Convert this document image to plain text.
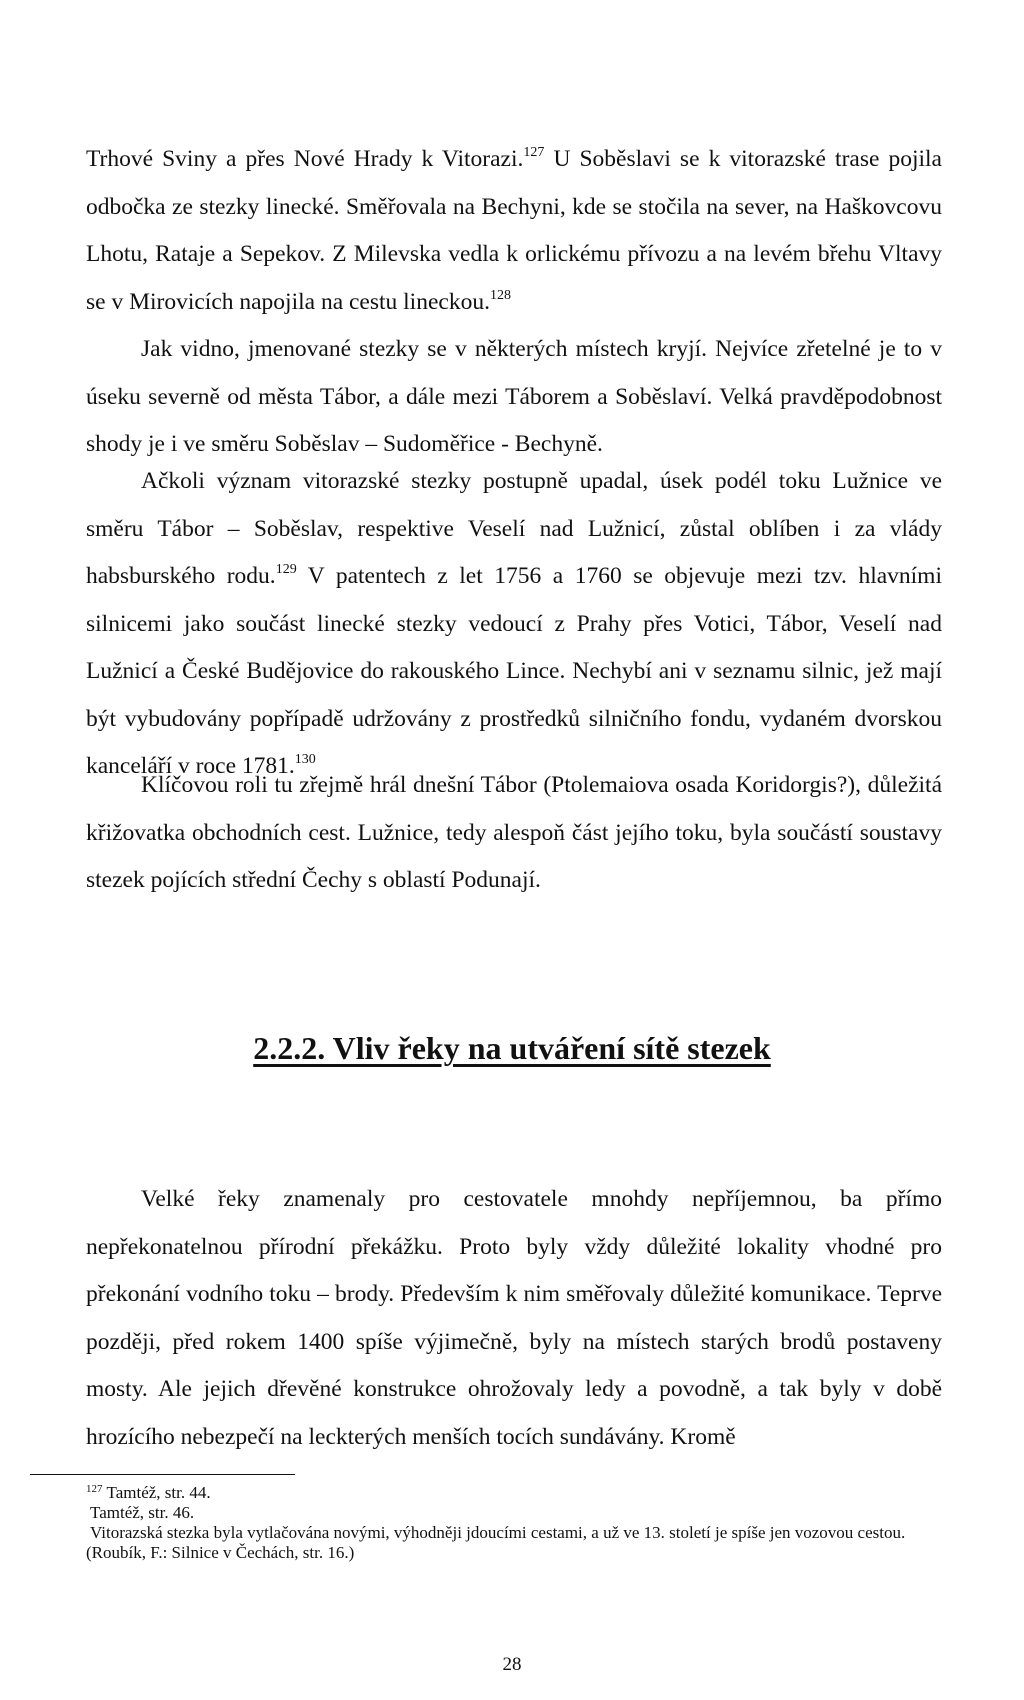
Trhové Sviny a přes Nové Hrady k Vitorazi.$^{127}$ U Soběslavi se k vitorazské trase pojila odbočka ze stezky linecké. Směřovala na Bechyni, kde se stočila na sever, na Haškovcovu Lhotu, Rataje a Sepekov. Z Milevska vedla k orlickému přívozu a na levém břehu Vltavy se v Mirovicích napojila na cestu lineckou.$^{128}$

Jak vidno, jmenované stezky se v některých místech kryjí. Nejvíce zřetelné je to v úseku severně od města Tábor, a dále mezi Táborem a Soběslaví. Velká pravděpodobnost shody je i ve směru Soběslav – Sudoměřice - Bechyně.

Ačkoli význam vitorazské stezky postupně upadal, úsek podél toku Lužnice ve směru Tábor – Soběslav, respektive Veselí nad Lužnicí, zůstal oblíben i za vlády habsburského rodu.$^{129}$ V patentech z let 1756 a 1760 se objevuje mezi tzv. hlavními silnicemi jako součást linecké stezky vedoucí z Prahy přes Votici, Tábor, Veselí nad Lužnicí a České Budějovice do rakouského Lince. Nechybí ani v seznamu silnic, jež mají být vybudovány popřípadě udržovány z prostředků silničního fondu, vydaném dvorskou kanceláří v roce 1781.$^{130}$

Klíčovou roli tu zřejmě hrál dnešní Tábor (Ptolemaiova osada Koridorgis?), důležitá křižovatka obchodních cest. Lužnice, tedy alespoň část jejího toku, byla součástí soustavy stezek pojících střední Čechy s oblastí Podunají.

2.2.2. Vliv řeky na utváření sítě stezek

Velké řeky znamenaly pro cestovatele mnohdy nepříjemnou, ba přímo nepřekonatelnou přírodní překážku. Proto byly vždy důležité lokality vhodné pro překonání vodního toku – brody. Především k nim směřovaly důležité komunikace. Teprve později, před rokem 1400 spíše výjimečně, byly na místech starých brodů postaveny mosty. Ale jejich dřevěné konstrukce ohrožovaly ledy a povodně, a tak byly v době hrozícího nebezpečí na leckterých menších tocích sundávány. Kromě

$^{127}$ Tamtéž, str. 44.
Tamtéž, str. 46.
Vitorazská stezka byla vytlačována novými, výhodněji jdoucími cestami, a už ve 13. století je spíše jen vozovou cestou. (Roubík, F.: Silnice v Čechách, str. 16.)
28
